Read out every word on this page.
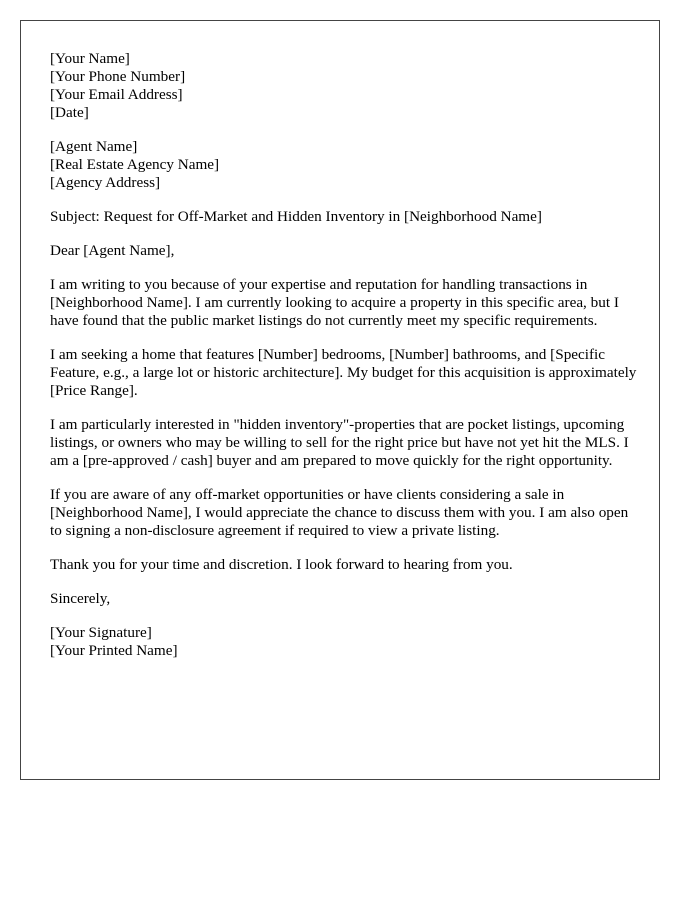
[Your Name]
[Your Phone Number]
[Your Email Address]
[Date]
[Agent Name]
[Real Estate Agency Name]
[Agency Address]

Subject: Request for Off-Market and Hidden Inventory in [Neighborhood Name]

Dear [Agent Name],

I am writing to you because of your expertise and reputation for handling transactions in [Neighborhood Name]. I am currently looking to acquire a property in this specific area, but I have found that the public market listings do not currently meet my specific requirements.

I am seeking a home that features [Number] bedrooms, [Number] bathrooms, and [Specific Feature, e.g., a large lot or historic architecture]. My budget for this acquisition is approximately [Price Range].

I am particularly interested in "hidden inventory"-properties that are pocket listings, upcoming listings, or owners who may be willing to sell for the right price but have not yet hit the MLS. I am a [pre-approved / cash] buyer and am prepared to move quickly for the right opportunity.

If you are aware of any off-market opportunities or have clients considering a sale in [Neighborhood Name], I would appreciate the chance to discuss them with you. I am also open to signing a non-disclosure agreement if required to view a private listing.

Thank you for your time and discretion. I look forward to hearing from you.

Sincerely,

[Your Signature]
[Your Printed Name]
